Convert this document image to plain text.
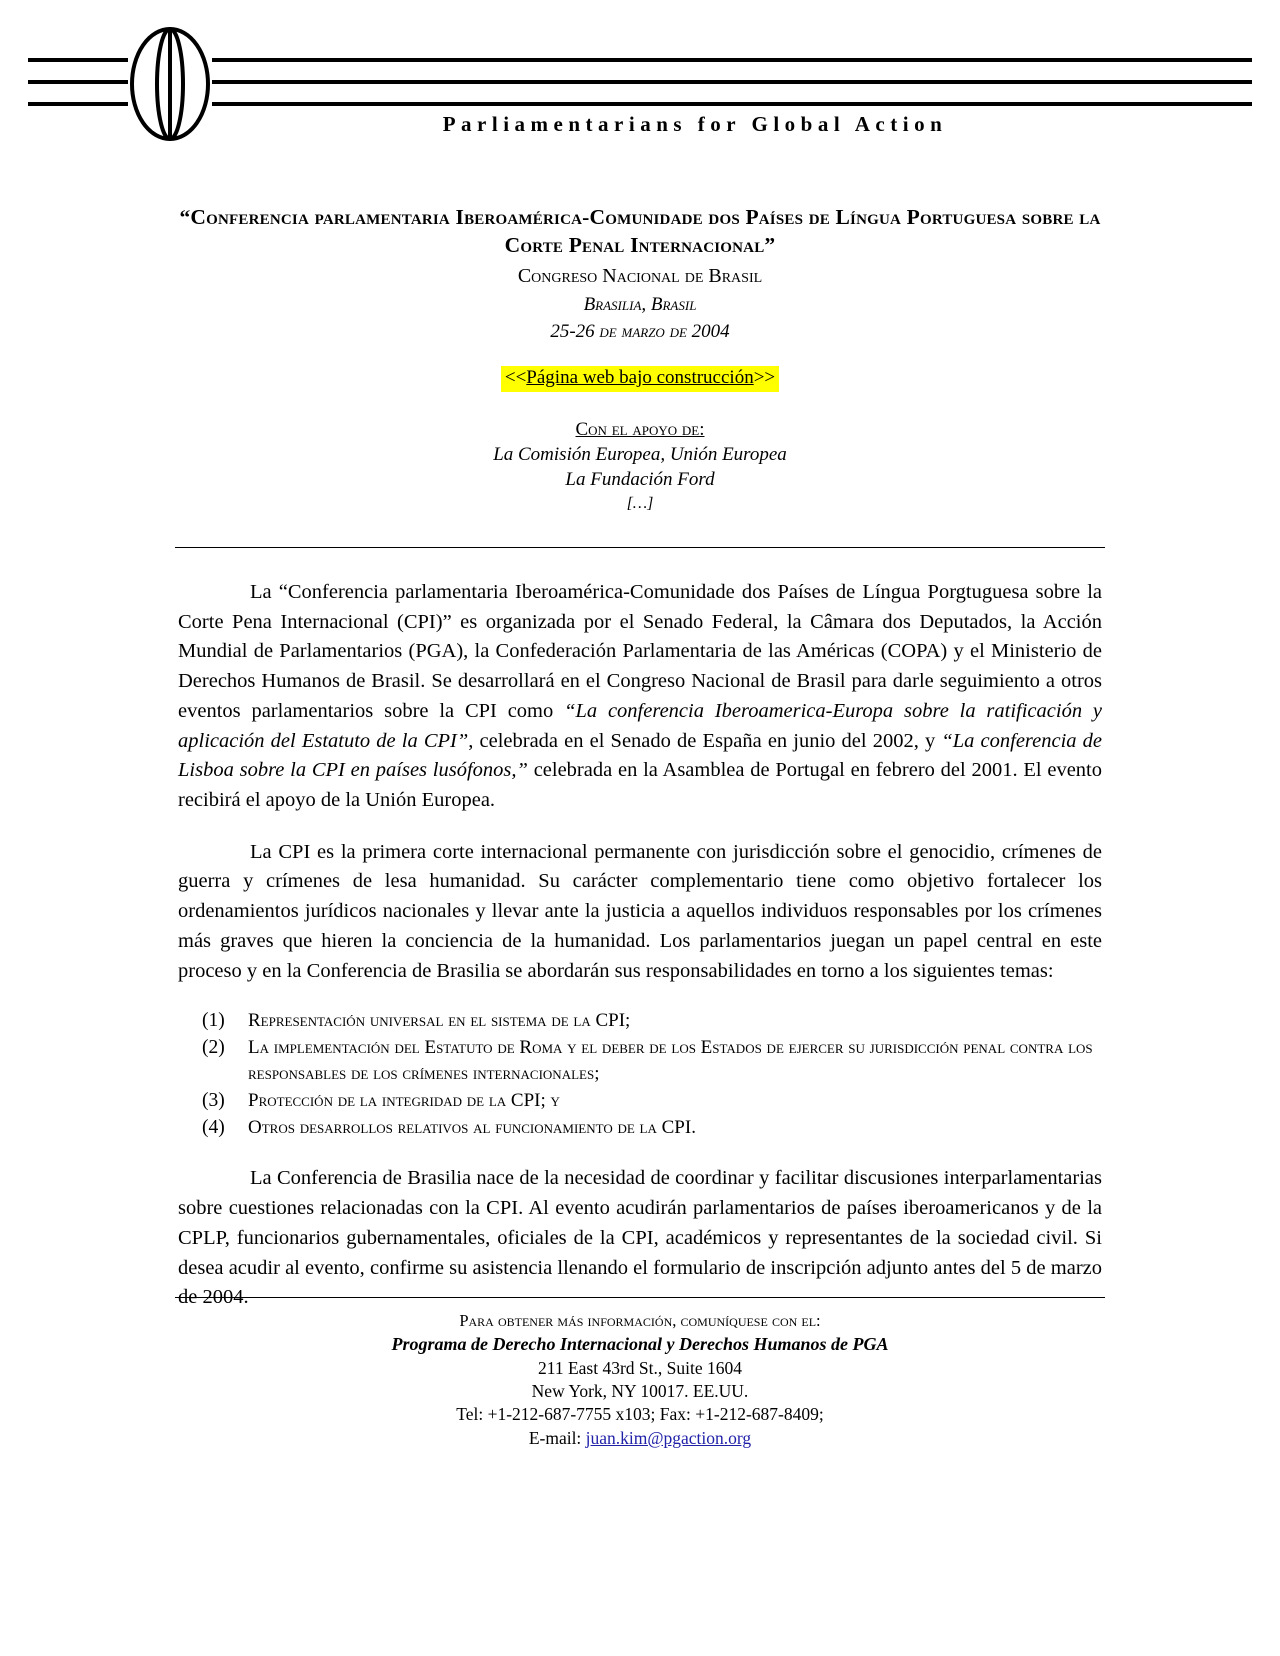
Parliamentarians for Global Action
“Conferencia parlamentaria Iberoamérica-Comunidade dos Países de Língua Portuguesa sobre la Corte Penal Internacional”
Congreso Nacional de Brasil
Brasilia, Brasil
25-26 de marzo de 2004
<<Página web bajo construcción>>
Con el apoyo de:
La Comisión Europea, Unión Europea
La Fundación Ford
[…]

La “Conferencia parlamentaria Iberoamérica-Comunidade dos Países de Língua Porgtuguesa sobre la Corte Pena Internacional (CPI)” es organizada por el Senado Federal, la Câmara dos Deputados, la Acción Mundial de Parlamentarios (PGA), la Confederación Parlamentaria de las Américas (COPA) y el Ministerio de Derechos Humanos de Brasil. Se desarrollará en el Congreso Nacional de Brasil para darle seguimiento a otros eventos parlamentarios sobre la CPI como “La conferencia Iberoamerica-Europa sobre la ratificación y aplicación del Estatuto de la CPI”, celebrada en el Senado de España en junio del 2002, y “La conferencia de Lisboa sobre la CPI en países lusófonos,” celebrada en la Asamblea de Portugal en febrero del 2001. El evento recibirá el apoyo de la Unión Europea.

La CPI es la primera corte internacional permanente con jurisdicción sobre el genocidio, crímenes de guerra y crímenes de lesa humanidad. Su carácter complementario tiene como objetivo fortalecer los ordenamientos jurídicos nacionales y llevar ante la justicia a aquellos individuos responsables por los crímenes más graves que hieren la conciencia de la humanidad. Los parlamentarios juegan un papel central en este proceso y en la Conferencia de Brasilia se abordarán sus responsabilidades en torno a los siguientes temas:

(1) Representación universal en el sistema de la CPI;
(2) La implementación del Estatuto de Roma y el deber de los Estados de ejercer su jurisdicción penal contra los responsables de los crímenes internacionales;
(3) Protección de la integridad de la CPI; y
(4) Otros desarrollos relativos al funcionamiento de la CPI.

La Conferencia de Brasilia nace de la necesidad de coordinar y facilitar discusiones interparlamentarias sobre cuestiones relacionadas con la CPI. Al evento acudirán parlamentarios de países iberoamericanos y de la CPLP, funcionarios gubernamentales, oficiales de la CPI, académicos y representantes de la sociedad civil. Si desea acudir al evento, confirme su asistencia llenando el formulario de inscripción adjunto antes del 5 de marzo de 2004.

Para obtener más información, comuníquese con el:
Programa de Derecho Internacional y Derechos Humanos de PGA
211 East 43rd St., Suite 1604
New York, NY 10017. EE.UU.
Tel: +1-212-687-7755 x103; Fax: +1-212-687-8409;
E-mail: juan.kim@pgaction.org
